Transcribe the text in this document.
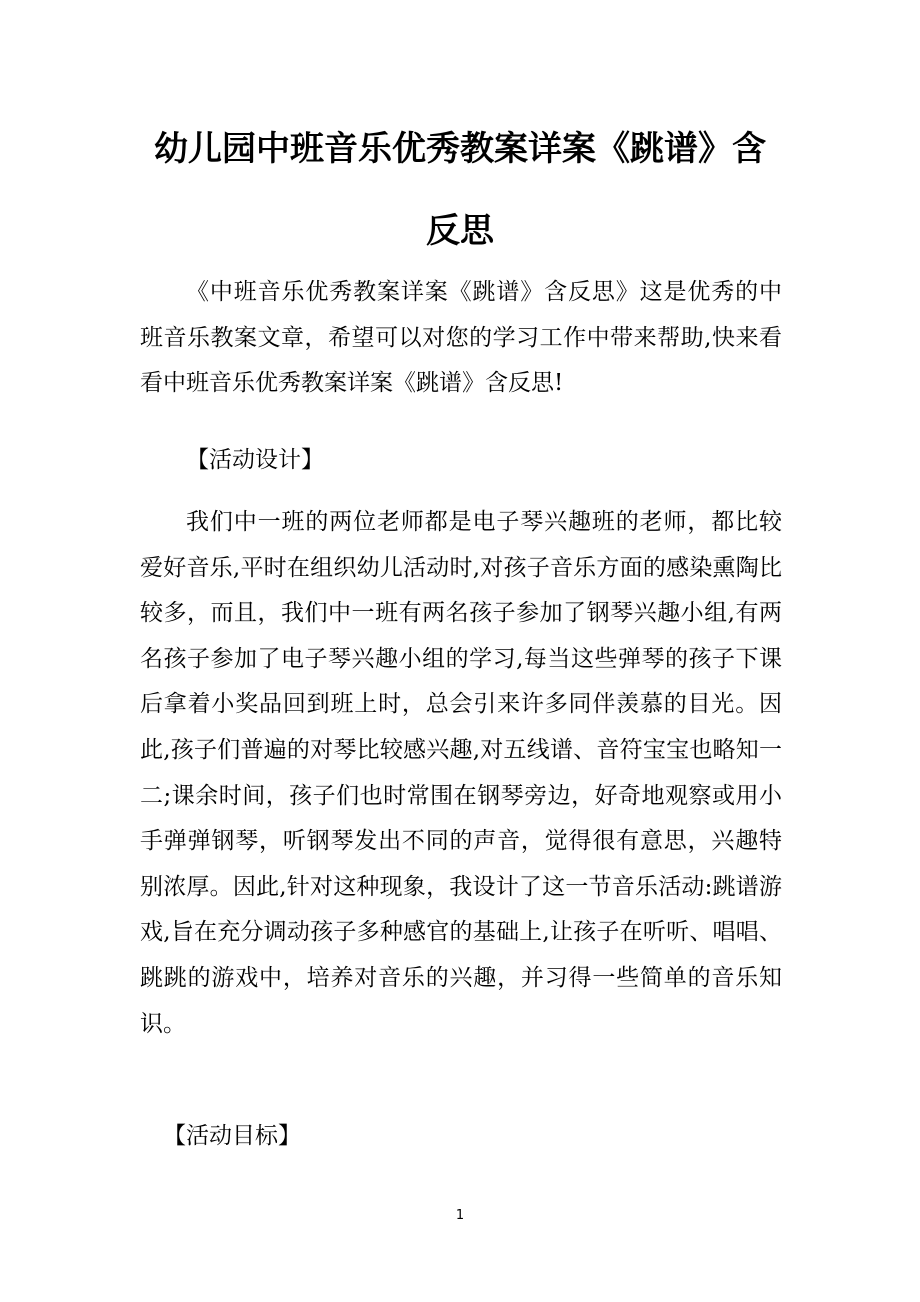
幼儿园中班音乐优秀教案详案《跳谱》含反思

《中班音乐优秀教案详案《跳谱》含反思》这是优秀的中班音乐教案文章，希望可以对您的学习工作中带来帮助,快来看看中班音乐优秀教案详案《跳谱》含反思!

【活动设计】

我们中一班的两位老师都是电子琴兴趣班的老师，都比较爱好音乐,平时在组织幼儿活动时,对孩子音乐方面的感染熏陶比较多，而且，我们中一班有两名孩子参加了钢琴兴趣小组,有两名孩子参加了电子琴兴趣小组的学习,每当这些弹琴的孩子下课后拿着小奖品回到班上时，总会引来许多同伴羡慕的目光。因此,孩子们普遍的对琴比较感兴趣,对五线谱、音符宝宝也略知一二;课余时间，孩子们也时常围在钢琴旁边，好奇地观察或用小手弹弹钢琴，听钢琴发出不同的声音，觉得很有意思，兴趣特别浓厚。因此,针对这种现象，我设计了这一节音乐活动:跳谱游戏,旨在充分调动孩子多种感官的基础上,让孩子在听听、唱唱、跳跳的游戏中，培养对音乐的兴趣，并习得一些简单的音乐知识。

【活动目标】

1
